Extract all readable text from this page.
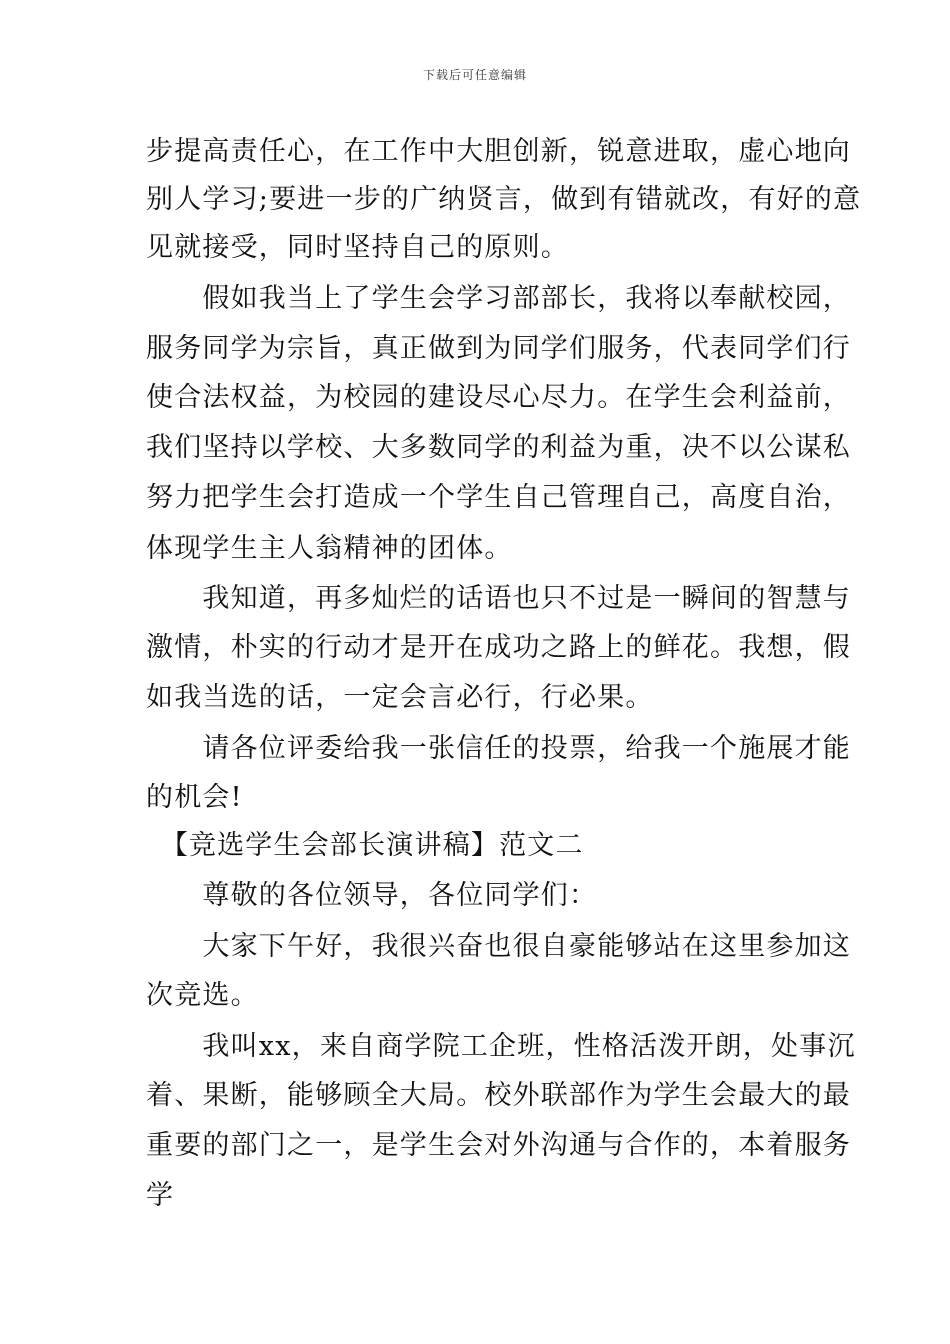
下载后可任意编辑
步提高责任心，在工作中大胆创新，锐意进取，虚心地向
别人学习;要进一步的广纳贤言，做到有错就改，有好的意
见就接受，同时坚持自己的原则。
　　假如我当上了学生会学习部部长，我将以奉献校园，
服务同学为宗旨，真正做到为同学们服务，代表同学们行
使合法权益，为校园的建设尽心尽力。在学生会利益前，
我们坚持以学校、大多数同学的利益为重，决不以公谋私
努力把学生会打造成一个学生自己管理自己，高度自治，
体现学生主人翁精神的团体。
　　我知道，再多灿烂的话语也只不过是一瞬间的智慧与
激情，朴实的行动才是开在成功之路上的鲜花。我想，假
如我当选的话，一定会言必行，行必果。
　　请各位评委给我一张信任的投票，给我一个施展才能
的机会!
　【竞选学生会部长演讲稿】范文二
　　尊敬的各位领导，各位同学们：
　　大家下午好，我很兴奋也很自豪能够站在这里参加这
次竞选。
　　我叫xx，来自商学院工企班，性格活泼开朗，处事沉
着、果断，能够顾全大局。校外联部作为学生会最大的最
重要的部门之一，是学生会对外沟通与合作的，本着服务
学
